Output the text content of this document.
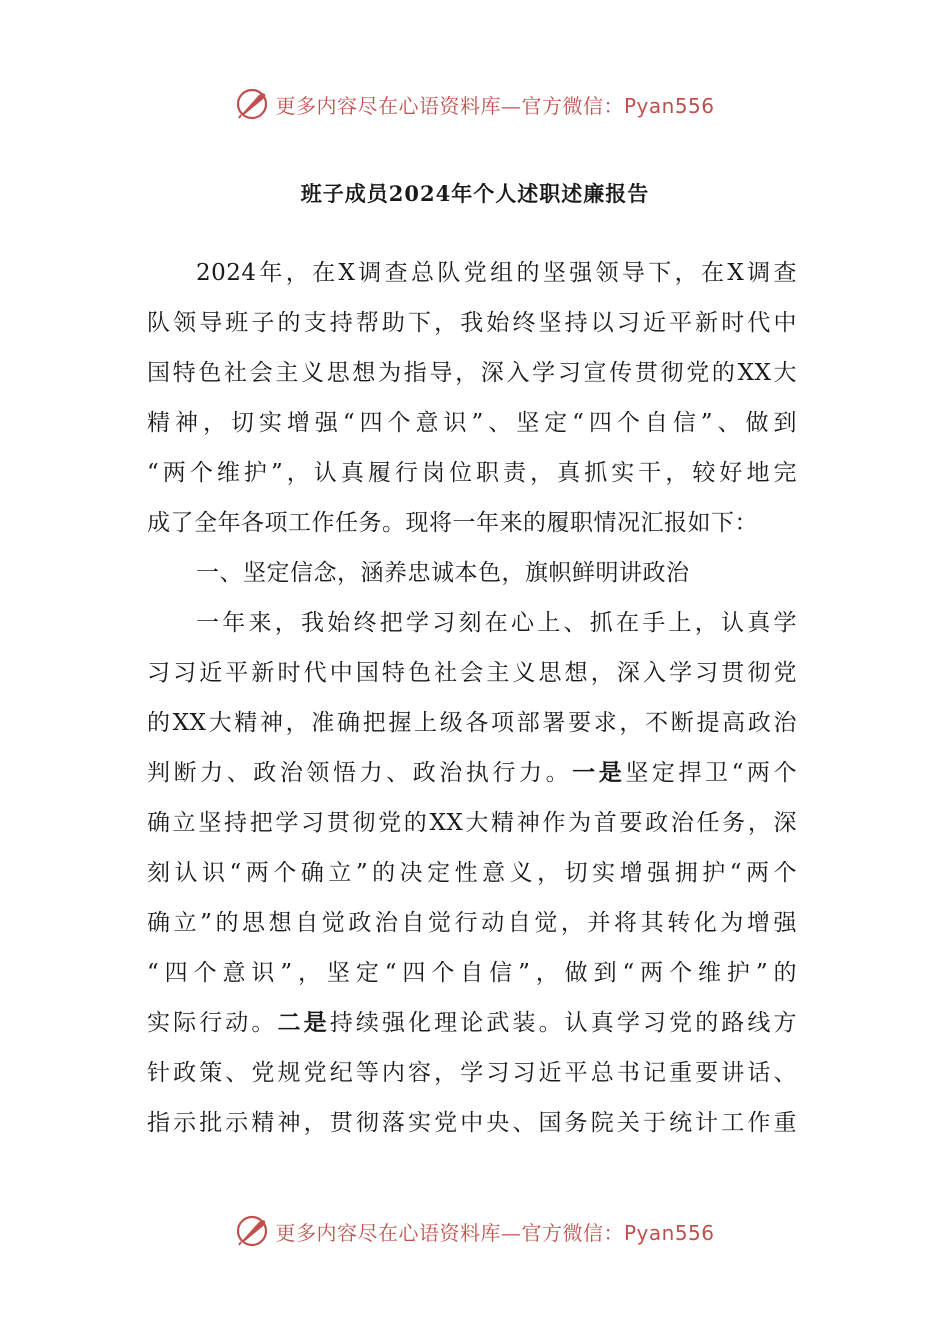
更多内容尽在心语资料库—官方微信：Pyan556
班子成员2024年个人述职述廉报告
2024年，在X调查总队党组的坚强领导下，在X调查
队领导班子的支持帮助下，我始终坚持以习近平新时代中
国特色社会主义思想为指导，深入学习宣传贯彻党的XX大
精神，切实增强“四个意识”、坚定“四个自信”、做到
“两个维护”，认真履行岗位职责，真抓实干，较好地完
成了全年各项工作任务。现将一年来的履职情况汇报如下：
一、坚定信念，涵养忠诚本色，旗帜鲜明讲政治
一年来，我始终把学习刻在心上、抓在手上，认真学
习习近平新时代中国特色社会主义思想，深入学习贯彻党
的XX大精神，准确把握上级各项部署要求，不断提高政治
判断力、政治领悟力、政治执行力。一是坚定捍卫“两个
确立坚持把学习贯彻党的XX大精神作为首要政治任务，深
刻认识“两个确立”的决定性意义，切实增强拥护“两个
确立”的思想自觉政治自觉行动自觉，并将其转化为增强
“四个意识”，坚定“四个自信”，做到“两个维护”的
实际行动。二是持续强化理论武装。认真学习党的路线方
针政策、党规党纪等内容，学习习近平总书记重要讲话、
指示批示精神，贯彻落实党中央、国务院关于统计工作重
更多内容尽在心语资料库—官方微信：Pyan556
